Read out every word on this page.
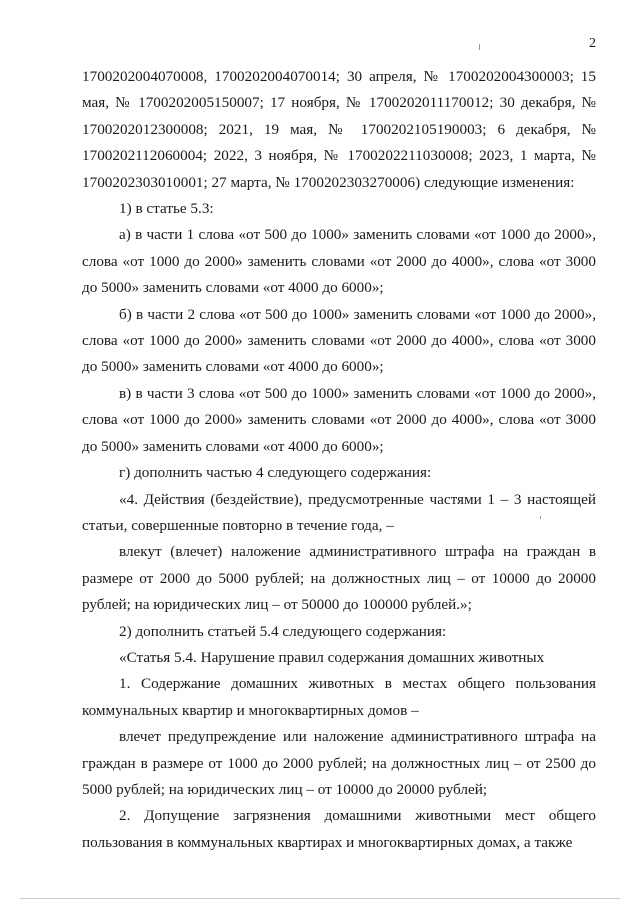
2

1700202004070008, 1700202004070014; 30 апреля, № 1700202004300003; 15 мая, № 1700202005150007; 17 ноября, № 1700202011170012; 30 декабря, № 1700202012300008; 2021, 19 мая, № 1700202105190003; 6 декабря, № 1700202112060004; 2022, 3 ноября, № 1700202211030008; 2023, 1 марта, № 1700202303010001; 27 марта, № 1700202303270006) следующие изменения:

1) в статье 5.3:

а) в части 1 слова «от 500 до 1000» заменить словами «от 1000 до 2000», слова «от 1000 до 2000» заменить словами «от 2000 до 4000», слова «от 3000 до 5000» заменить словами «от 4000 до 6000»;

б) в части 2 слова «от 500 до 1000» заменить словами «от 1000 до 2000», слова «от 1000 до 2000» заменить словами «от 2000 до 4000», слова «от 3000 до 5000» заменить словами «от 4000 до 6000»;

в) в части 3 слова «от 500 до 1000» заменить словами «от 1000 до 2000», слова «от 1000 до 2000» заменить словами «от 2000 до 4000», слова «от 3000 до 5000» заменить словами «от 4000 до 6000»;

г) дополнить частью 4 следующего содержания:

«4. Действия (бездействие), предусмотренные частями 1 – 3 настоящей статьи, совершенные повторно в течение года, –

влекут (влечет) наложение административного штрафа на граждан в размере от 2000 до 5000 рублей; на должностных лиц – от 10000 до 20000 рублей; на юридических лиц – от 50000 до 100000 рублей.»;

2) дополнить статьей 5.4 следующего содержания:

«Статья 5.4. Нарушение правил содержания домашних животных

1. Содержание домашних животных в местах общего пользования коммунальных квартир и многоквартирных домов –

влечет предупреждение или наложение административного штрафа на граждан в размере от 1000 до 2000 рублей; на должностных лиц – от 2500 до 5000 рублей; на юридических лиц – от 10000 до 20000 рублей;

2. Допущение загрязнения домашними животными мест общего пользования в коммунальных квартирах и многоквартирных домах, а также
